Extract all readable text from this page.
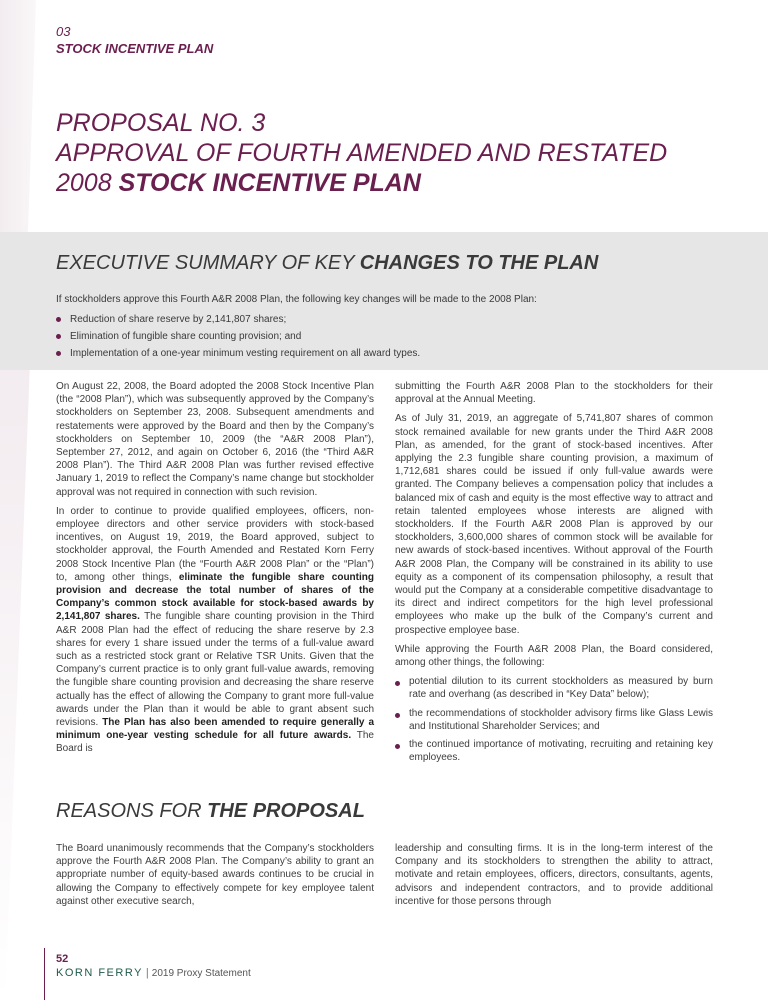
03
STOCK INCENTIVE PLAN
PROPOSAL NO. 3
APPROVAL OF FOURTH AMENDED AND RESTATED
2008 STOCK INCENTIVE PLAN
EXECUTIVE SUMMARY OF KEY CHANGES TO THE PLAN
If stockholders approve this Fourth A&R 2008 Plan, the following key changes will be made to the 2008 Plan:
Reduction of share reserve by 2,141,807 shares;
Elimination of fungible share counting provision; and
Implementation of a one-year minimum vesting requirement on all award types.

On August 22, 2008, the Board adopted the 2008 Stock Incentive Plan (the “2008 Plan”), which was subsequently approved by the Company’s stockholders on September 23, 2008. Subsequent amendments and restatements were approved by the Board and then by the Company’s stockholders on September 10, 2009 (the “A&R 2008 Plan”), September 27, 2012, and again on October 6, 2016 (the “Third A&R 2008 Plan”). The Third A&R 2008 Plan was further revised effective January 1, 2019 to reflect the Company’s name change but stockholder approval was not required in connection with such revision.

In order to continue to provide qualified employees, officers, non-employee directors and other service providers with stock-based incentives, on August 19, 2019, the Board approved, subject to stockholder approval, the Fourth Amended and Restated Korn Ferry 2008 Stock Incentive Plan (the “Fourth A&R 2008 Plan” or the “Plan”) to, among other things, eliminate the fungible share counting provision and decrease the total number of shares of the Company’s common stock available for stock-based awards by 2,141,807 shares. The fungible share counting provision in the Third A&R 2008 Plan had the effect of reducing the share reserve by 2.3 shares for every 1 share issued under the terms of a full-value award such as a restricted stock grant or Relative TSR Units. Given that the Company’s current practice is to only grant full-value awards, removing the fungible share counting provision and decreasing the share reserve actually has the effect of allowing the Company to grant more full-value awards under the Plan than it would be able to grant absent such revisions. The Plan has also been amended to require generally a minimum one-year vesting schedule for all future awards. The Board is

submitting the Fourth A&R 2008 Plan to the stockholders for their approval at the Annual Meeting.

As of July 31, 2019, an aggregate of 5,741,807 shares of common stock remained available for new grants under the Third A&R 2008 Plan, as amended, for the grant of stock-based incentives. After applying the 2.3 fungible share counting provision, a maximum of 1,712,681 shares could be issued if only full-value awards were granted. The Company believes a compensation policy that includes a balanced mix of cash and equity is the most effective way to attract and retain talented employees whose interests are aligned with stockholders. If the Fourth A&R 2008 Plan is approved by our stockholders, 3,600,000 shares of common stock will be available for new awards of stock-based incentives. Without approval of the Fourth A&R 2008 Plan, the Company will be constrained in its ability to use equity as a component of its compensation philosophy, a result that would put the Company at a considerable competitive disadvantage to its direct and indirect competitors for the high level professional employees who make up the bulk of the Company’s current and prospective employee base.

While approving the Fourth A&R 2008 Plan, the Board considered, among other things, the following:

potential dilution to its current stockholders as measured by burn rate and overhang (as described in “Key Data” below);
the recommendations of stockholder advisory firms like Glass Lewis and Institutional Shareholder Services; and
the continued importance of motivating, recruiting and retaining key employees.
REASONS FOR THE PROPOSAL

The Board unanimously recommends that the Company’s stockholders approve the Fourth A&R 2008 Plan. The Company’s ability to grant an appropriate number of equity-based awards continues to be crucial in allowing the Company to effectively compete for key employee talent against other executive search,

leadership and consulting firms. It is in the long-term interest of the Company and its stockholders to strengthen the ability to attract, motivate and retain employees, officers, directors, consultants, agents, advisors and independent contractors, and to provide additional incentive for those persons through

52
KORN FERRY | 2019 Proxy Statement
